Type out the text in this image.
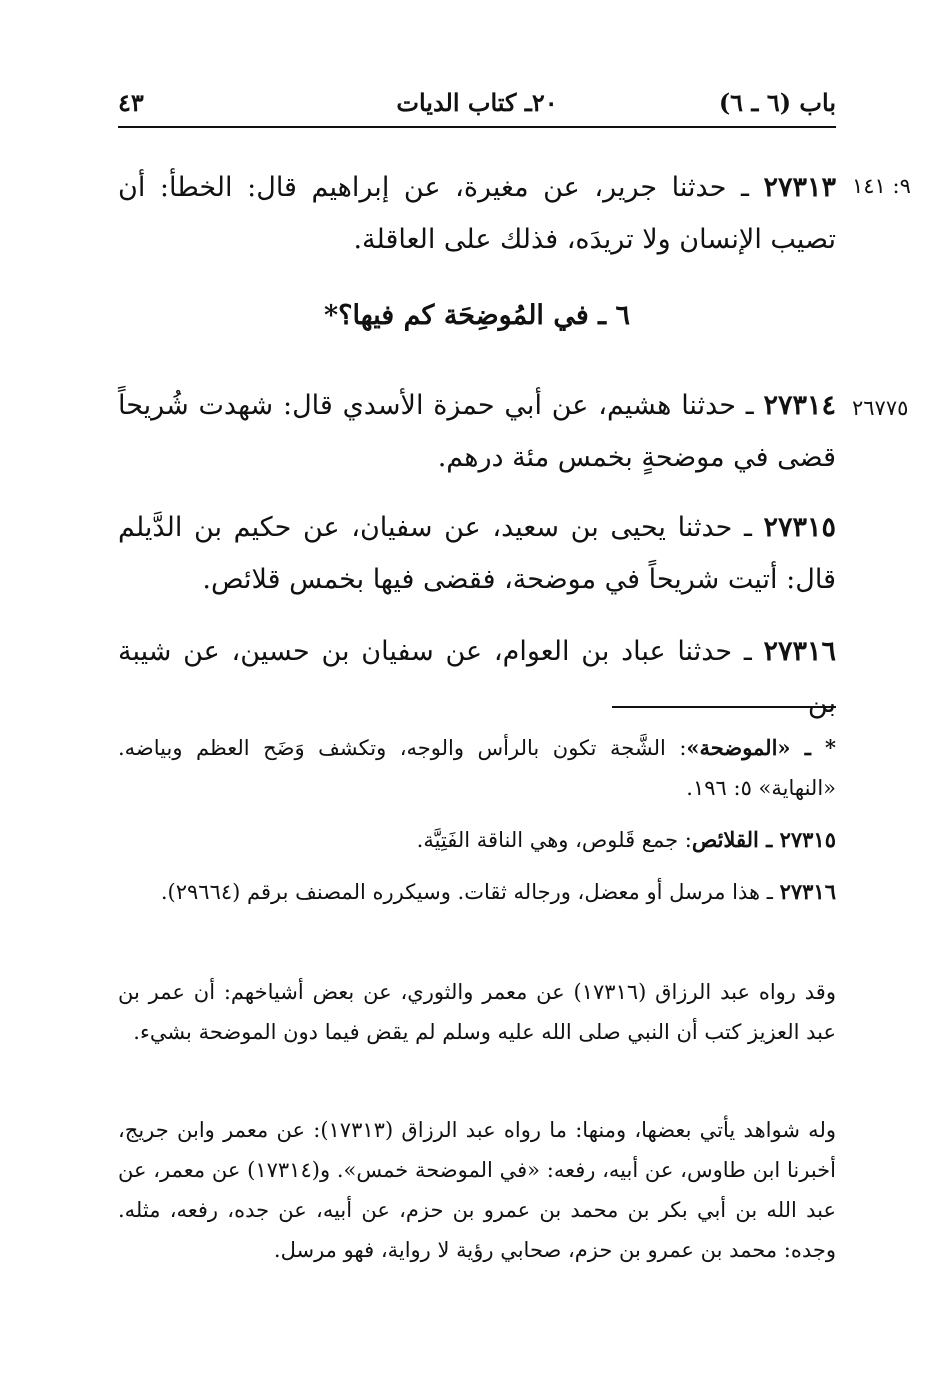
باب (٦ ـ ٦)
٢٠ـ كتاب الديات
٤٣
٩: ١٤١
٢٧٣١٣ ـ حدثنا جرير، عن مغيرة، عن إبراهيم قال: الخطأ: أن تصيب الإنسان ولا تريدَه، فذلك على العاقلة.
٦ ـ في المُوضِحَة كم فيها؟*
٢٦٧٧٥
٢٧٣١٤ ـ حدثنا هشيم، عن أبي حمزة الأسدي قال: شهدت شُريحاً قضى في موضحةٍ بخمس مئة درهم.
٢٧٣١٥ ـ حدثنا يحيى بن سعيد، عن سفيان، عن حكيم بن الدَّيلم قال: أتيت شريحاً في موضحة، فقضى فيها بخمس قلائص.
٢٧٣١٦ ـ حدثنا عباد بن العوام، عن سفيان بن حسين، عن شيبة بن
* ـ «الموضحة»: الشَّجة تكون بالرأس والوجه، وتكشف وَضَح العظم وبياضه. «النهاية» ٥: ١٩٦.
٢٧٣١٥ ـ القلائص: جمع قَلوص، وهي الناقة الفَتِيَّة.
٢٧٣١٦ ـ هذا مرسل أو معضل، ورجاله ثقات. وسيكرره المصنف برقم (٢٩٦٦٤).
وقد رواه عبد الرزاق (١٧٣١٦) عن معمر والثوري، عن بعض أشياخهم: أن عمر بن عبد العزيز كتب أن النبي صلى الله عليه وسلم لم يقض فيما دون الموضحة بشيء.
وله شواهد يأتي بعضها، ومنها: ما رواه عبد الرزاق (١٧٣١٣): عن معمر وابن جريج، أخبرنا ابن طاوس، عن أبيه، رفعه: «في الموضحة خمس». و(١٧٣١٤) عن معمر، عن عبد الله بن أبي بكر بن محمد بن عمرو بن حزم، عن أبيه، عن جده، رفعه، مثله. وجده: محمد بن عمرو بن حزم، صحابي رؤية لا رواية، فهو مرسل.
